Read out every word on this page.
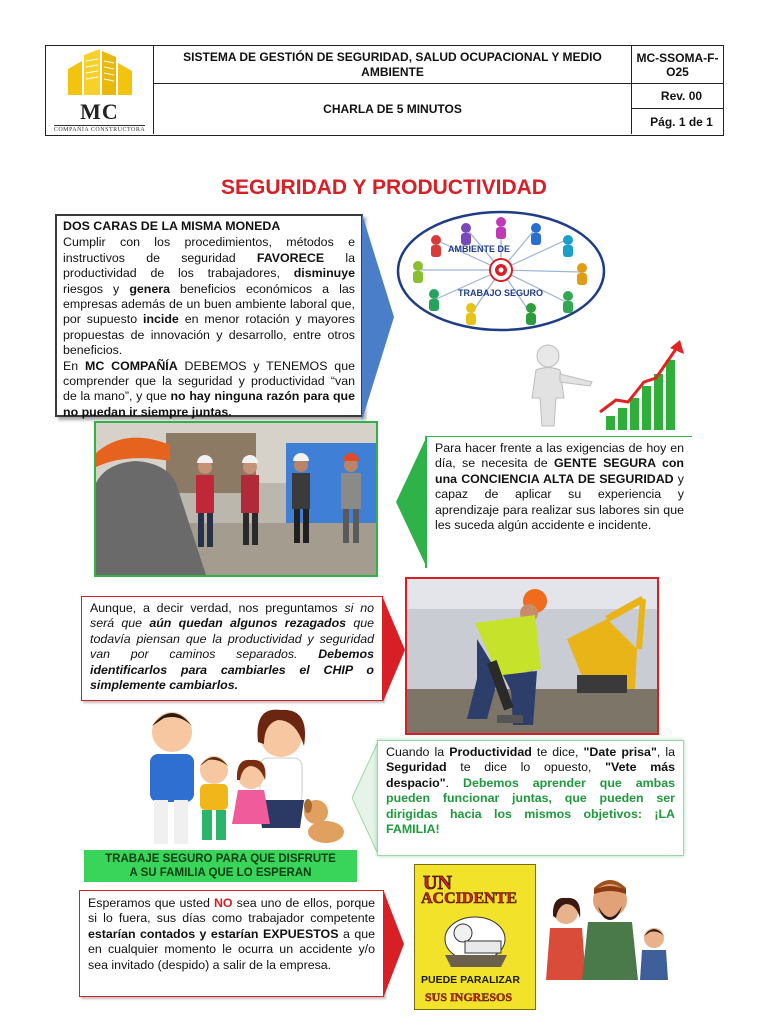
MC
COMPAÑÍA CONSTRUCTORA
SISTEMA DE GESTIÓN DE SEGURIDAD, SALUD OCUPACIONAL Y MEDIO AMBIENTE
CHARLA DE 5 MINUTOS
MC-SSOMA-F-O25
Rev. 00
Pág. 1 de 1
SEGURIDAD Y PRODUCTIVIDAD
DOS CARAS DE LA MISMA MONEDA

Cumplir con los procedimientos, métodos e instructivos de seguridad FAVORECE la productividad de los trabajadores, disminuye riesgos y genera beneficios económicos a las empresas además de un buen ambiente laboral que, por supuesto incide en menor rotación y mayores propuestas de innovación y desarrollo, entre otros beneficios.

En MC COMPAÑÍA DEBEMOS y TENEMOS que comprender que la seguridad y productividad “van de la mano”, y que no hay ninguna razón para que no puedan ir siempre juntas.

AMBIENTE DE
TRABAJO SEGURO
Para hacer frente a las exigencias de hoy en día, se necesita de GENTE SEGURA con una CONCIENCIA ALTA DE SEGURIDAD y capaz de aplicar su experiencia y aprendizaje para realizar sus labores sin que les suceda algún accidente e incidente.
Aunque, a decir verdad, nos preguntamos si no será que aún quedan algunos rezagados que todavía piensan que la productividad y seguridad van por caminos separados. Debemos identificarlos para cambiarles el CHIP o simplemente cambiarlos.
TRABAJE SEGURO PARA QUE DISFRUTE
A SU FAMILIA QUE LO ESPERAN
Cuando la Productividad te dice, "Date prisa", la Seguridad te dice lo opuesto, "Vete más despacio". Debemos aprender que ambas pueden funcionar juntas, que pueden ser dirigidas hacia los mismos objetivos: ¡LA FAMILIA!
Esperamos que usted NO sea uno de ellos, porque si lo fuera, sus días como trabajador competente estarían contados y estarían EXPUESTOS a que en cualquier momento le ocurra un accidente y/o sea invitado (despido) a salir de la empresa.
UN
ACCIDENTE
PUEDE PARALIZAR
SUS INGRESOS
